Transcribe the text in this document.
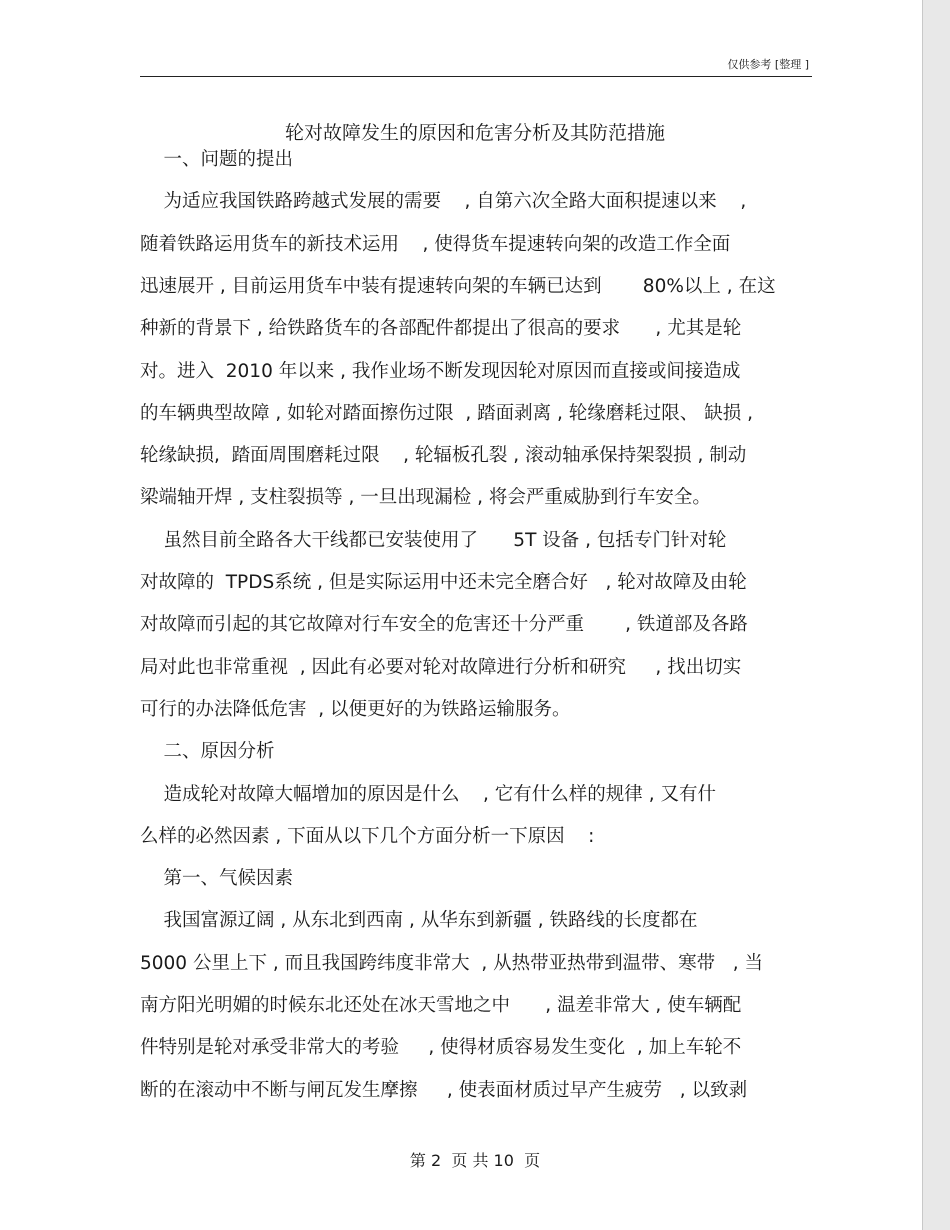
仅供参考 [整理 ]
轮对故障发生的原因和危害分析及其防范措施
一、问题的提出
为适应我国铁路跨越式发展的需要    , 自第六次全路大面积提速以来    ,
随着铁路运用货车的新技术运用    , 使得货车提速转向架的改造工作全面
迅速展开 , 目前运用货车中装有提速转向架的车辆已达到       80%以上 , 在这
种新的背景下 , 给铁路货车的各部配件都提出了很高的要求      , 尤其是轮
对。进入  2010 年以来 , 我作业场不断发现因轮对原因而直接或间接造成
的车辆典型故障 , 如轮对踏面擦伤过限  , 踏面剥离 , 轮缘磨耗过限、 缺损 ,
轮缘缺损,  踏面周围磨耗过限    , 轮辐板孔裂 , 滚动轴承保持架裂损 , 制动
梁端轴开焊 , 支柱裂损等 , 一旦出现漏检 , 将会严重威胁到行车安全。
虽然目前全路各大干线都已安装使用了      5T 设备 , 包括专门针对轮
对故障的  TPDS系统 , 但是实际运用中还未完全磨合好   , 轮对故障及由轮
对故障而引起的其它故障对行车安全的危害还十分严重       , 铁道部及各路
局对此也非常重视  , 因此有必要对轮对故障进行分析和研究     , 找出切实
可行的办法降低危害  , 以便更好的为铁路运输服务。
二、原因分析
造成轮对故障大幅增加的原因是什么    , 它有什么样的规律 , 又有什
么样的必然因素 , 下面从以下几个方面分析一下原因    :
第一、气候因素
我国富源辽阔 , 从东北到西南 , 从华东到新疆 , 铁路线的长度都在
5000 公里上下 , 而且我国跨纬度非常大  , 从热带亚热带到温带、寒带   , 当
南方阳光明媚的时候东北还处在冰天雪地之中      , 温差非常大 , 使车辆配
件特别是轮对承受非常大的考验     , 使得材质容易发生变化  , 加上车轮不
断的在滚动中不断与闸瓦发生摩擦     , 使表面材质过早产生疲劳   , 以致剥
第 2  页 共 10  页
